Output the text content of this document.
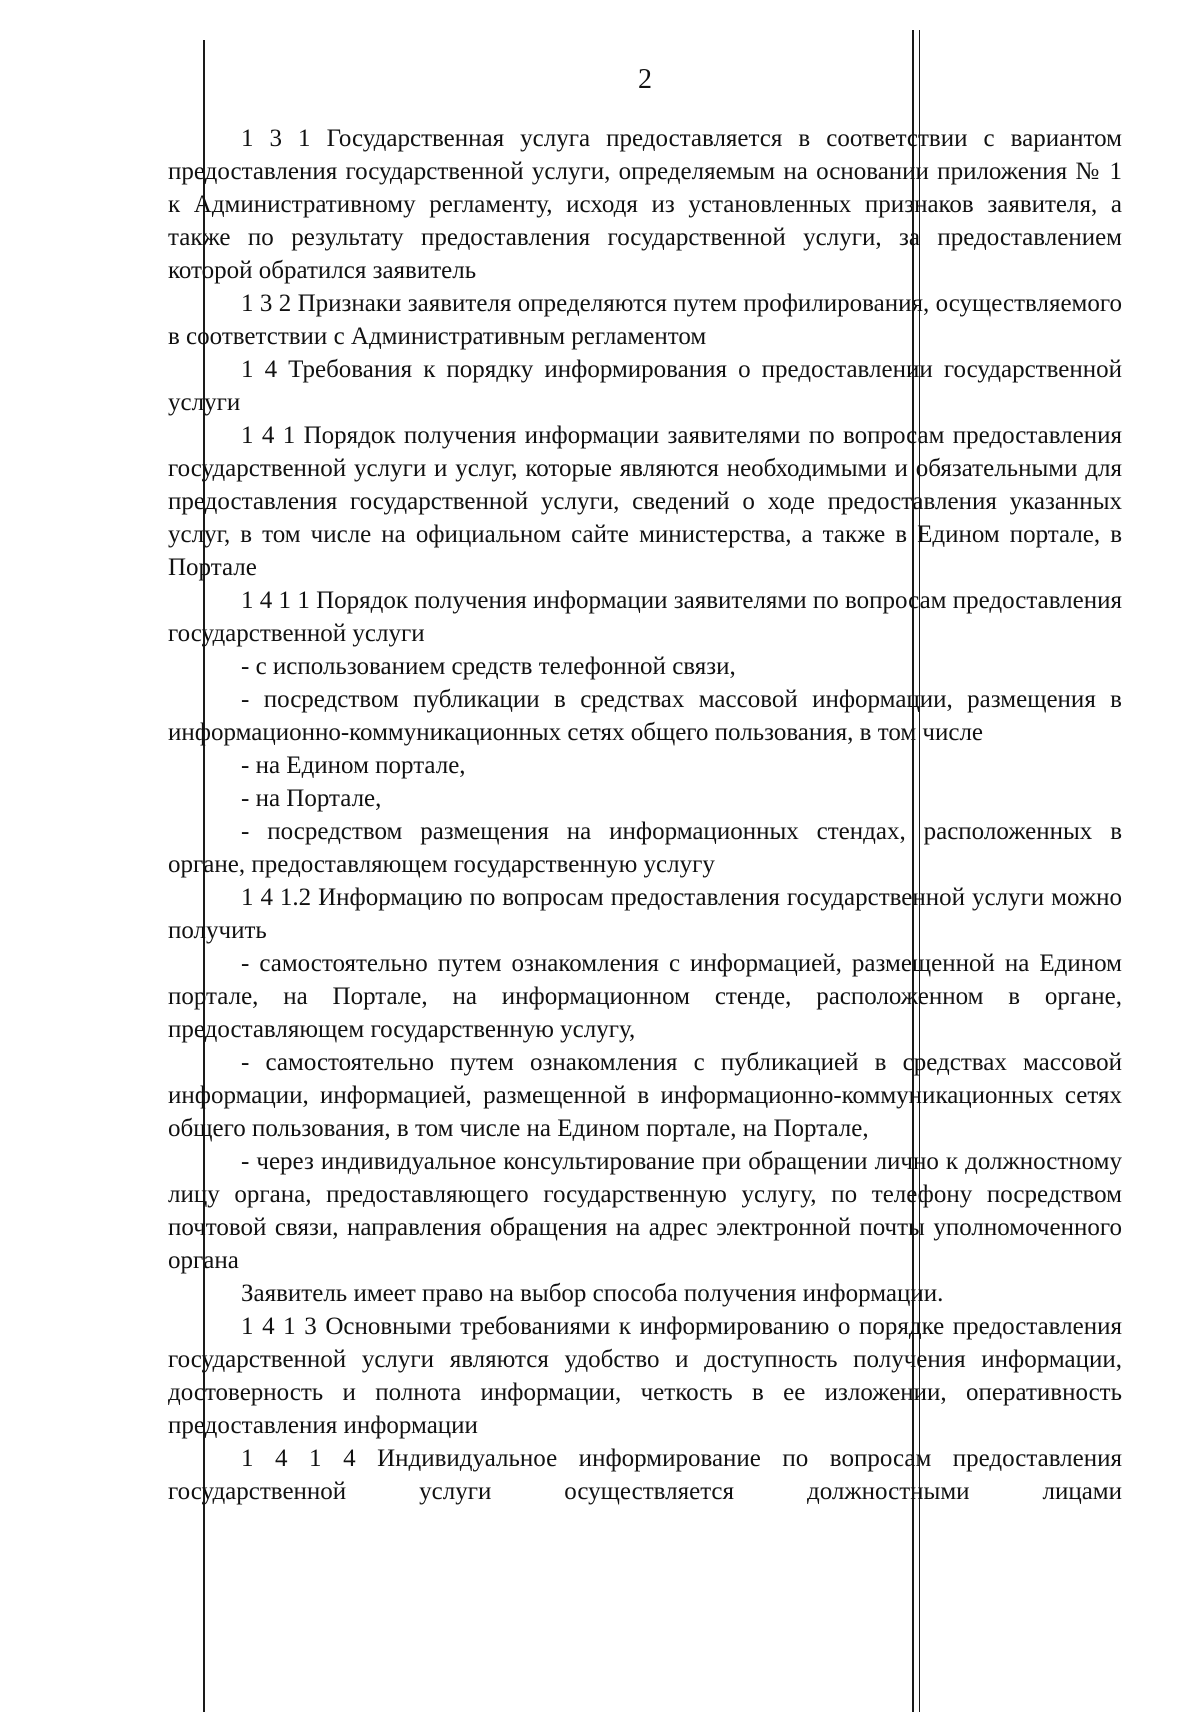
2

1 3 1 Государственная услуга предоставляется в соответствии с вариантом предоставления государственной услуги, определяемым на основании приложения № 1 к Административному регламенту, исходя из установленных признаков заявителя, а также по результату предоставления государственной услуги, за предоставлением которой обратился заявитель

1 3 2 Признаки заявителя определяются путем профилирования, осуществляемого в соответствии с Административным регламентом

1 4 Требования к порядку информирования о предоставлении государственной услуги

1 4 1 Порядок получения информации заявителями по вопросам предоставления государственной услуги и услуг, которые являются необходимыми и обязательными для предоставления государственной услуги, сведений о ходе предоставления указанных услуг, в том числе на официальном сайте министерства, а также в Едином портале, в Портале

1 4 1 1 Порядок получения информации заявителями по вопросам предоставления государственной услуги

- с использованием средств телефонной связи,

- посредством публикации в средствах массовой информации, размещения в информационно-коммуникационных сетях общего пользования, в том числе

- на Едином портале,

- на Портале,

- посредством размещения на информационных стендах, расположенных в органе, предоставляющем государственную услугу

1 4 1.2 Информацию по вопросам предоставления государственной услуги можно получить

- самостоятельно путем ознакомления с информацией, размещенной на Едином портале, на Портале, на информационном стенде, расположенном в органе, предоставляющем государственную услугу,

- самостоятельно путем ознакомления с публикацией в средствах массовой информации, информацией, размещенной в информационно-коммуникационных сетях общего пользования, в том числе на Едином портале, на Портале,

- через индивидуальное консультирование при обращении лично к должностному лицу органа, предоставляющего государственную услугу, по телефону посредством почтовой связи, направления обращения на адрес электронной почты уполномоченного органа

Заявитель имеет право на выбор способа получения информации.

1 4 1 3 Основными требованиями к информированию о порядке предоставления государственной услуги являются удобство и доступность получения информации, достоверность и полнота информации, четкость в ее изложении, оперативность предоставления информации

1 4 1 4 Индивидуальное информирование по вопросам предоставления государственной услуги осуществляется должностными лицами
